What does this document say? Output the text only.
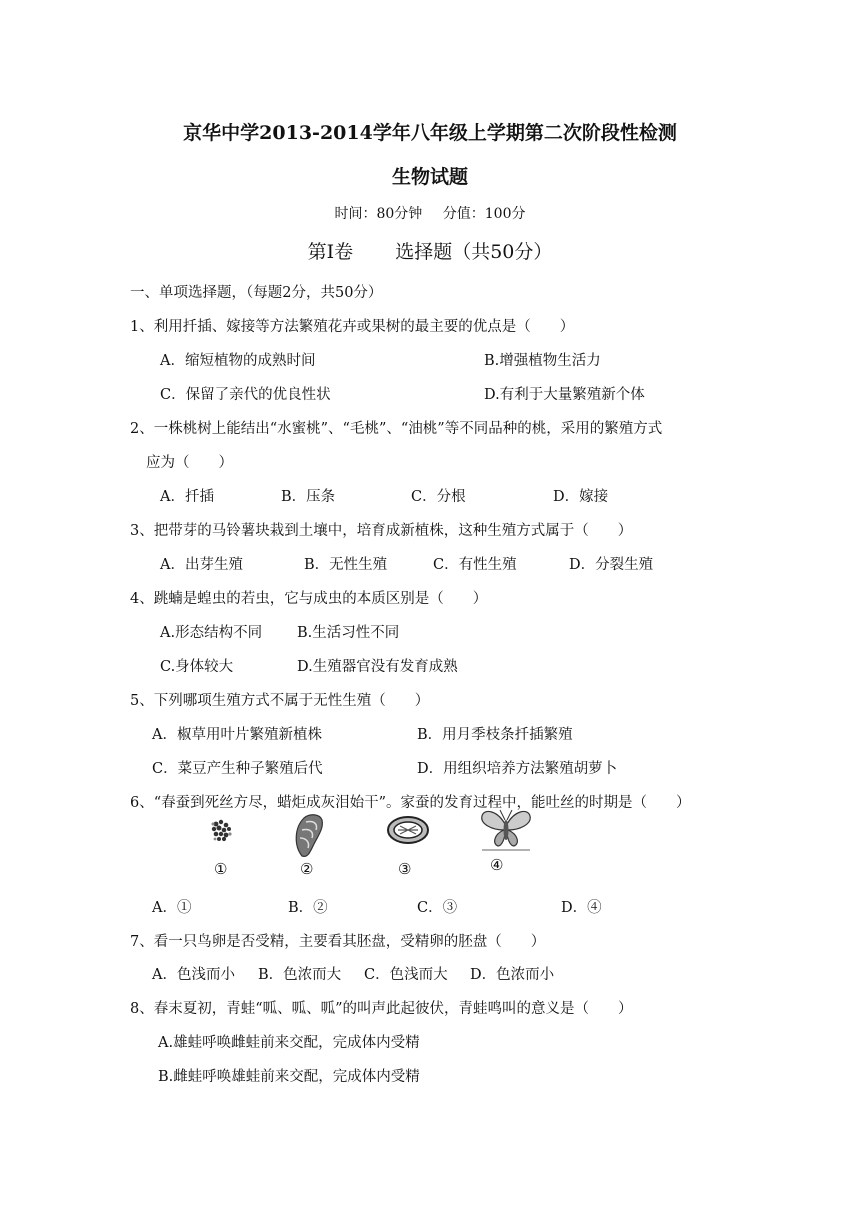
京华中学2013-2014学年八年级上学期第二次阶段性检测
生物试题
时间：80分钟 分值：100分
第Ⅰ卷 选择题（共50分）
一、单项选择题，（每题2分，共50分）
1、利用扦插、嫁接等方法繁殖花卉或果树的最主要的优点是（　　）
A．缩短植物的成熟时间	B.增强植物生活力
C．保留了亲代的优良性状	D.有利于大量繁殖新个体
2、一株桃树上能结出“水蜜桃”、“毛桃”、“油桃”等不同品种的桃，采用的繁殖方式
应为（　　）
A．扦插	B．压条	C．分根	D．嫁接
3、把带芽的马铃薯块栽到土壤中，培育成新植株，这种生殖方式属于（　　）
A．出芽生殖	B．无性生殖	C．有性生殖	D．分裂生殖
4、跳蝻是蝗虫的若虫，它与成虫的本质区别是（　　）
A.形态结构不同 B.生活习性不同
C.身体较大	D.生殖器官没有发育成熟
5、下列哪项生殖方式不属于无性生殖（　　）
A．椒草用叶片繁殖新植株	B．用月季枝条扦插繁殖
C．菜豆产生种子繁殖后代	D．用组织培养方法繁殖胡萝卜
6、“春蚕到死丝方尽，蜡炬成灰泪始干”。家蚕的发育过程中，能吐丝的时期是（　　）
①	②	③	④
A．①	B．②	C．③	D．④
7、看一只鸟卵是否受精，主要看其胚盘，受精卵的胚盘（　　）
A．色浅而小 B．色浓而大 C．色浅而大 D．色浓而小
8、春末夏初，青蛙“呱、呱、呱”的叫声此起彼伏，青蛙鸣叫的意义是（　　）
A.雄蛙呼唤雌蛙前来交配，完成体内受精
B.雌蛙呼唤雄蛙前来交配，完成体内受精
